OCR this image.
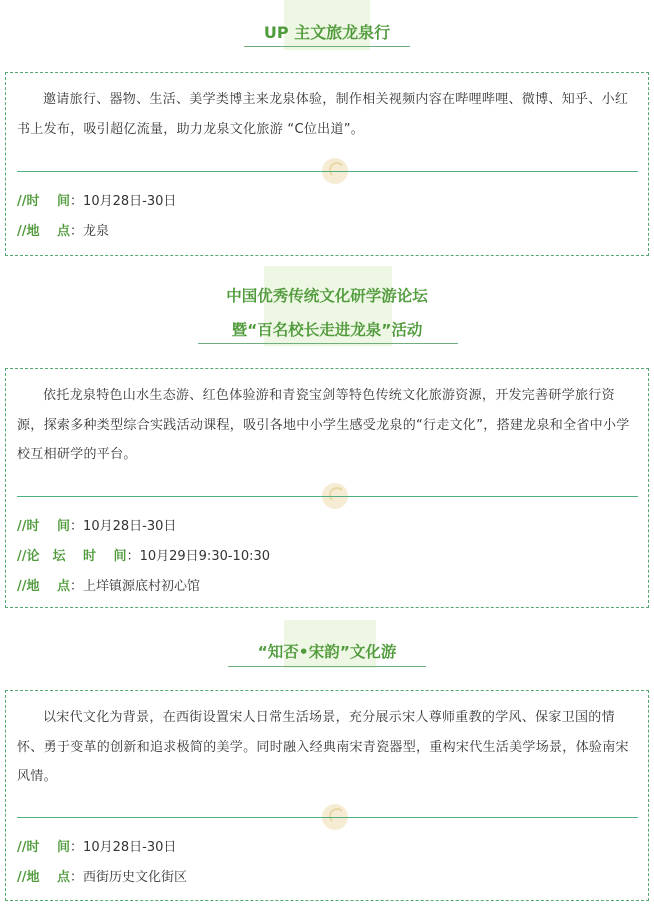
UP 主文旅龙泉行
邀请旅行、器物、生活、美学类博主来龙泉体验，制作相关视频内容在哔哩哔哩、微博、知乎、小红书上发布，吸引超亿流量，助力龙泉文化旅游 “C位出道”。
//时　 间：10月28日-30日
//地　 点：龙泉
中国优秀传统文化研学游论坛
暨“百名校长走进龙泉”活动
依托龙泉特色山水生态游、红色体验游和青瓷宝剑等特色传统文化旅游资源，开发完善研学旅行资源，探索多种类型综合实践活动课程，吸引各地中小学生感受龙泉的“行走文化”，搭建龙泉和全省中小学校互相研学的平台。
//时　 间：10月28日-30日
//论　坛　 时　 间：10月29日9:30-10:30
//地　 点：上垟镇源底村初心馆
“知否•宋韵”文化游
以宋代文化为背景，在西街设置宋人日常生活场景，充分展示宋人尊师重教的学风、保家卫国的情怀、勇于变革的创新和追求极简的美学。同时融入经典南宋青瓷器型，重构宋代生活美学场景，体验南宋风情。
//时　 间：10月28日-30日
//地　 点：西街历史文化街区
